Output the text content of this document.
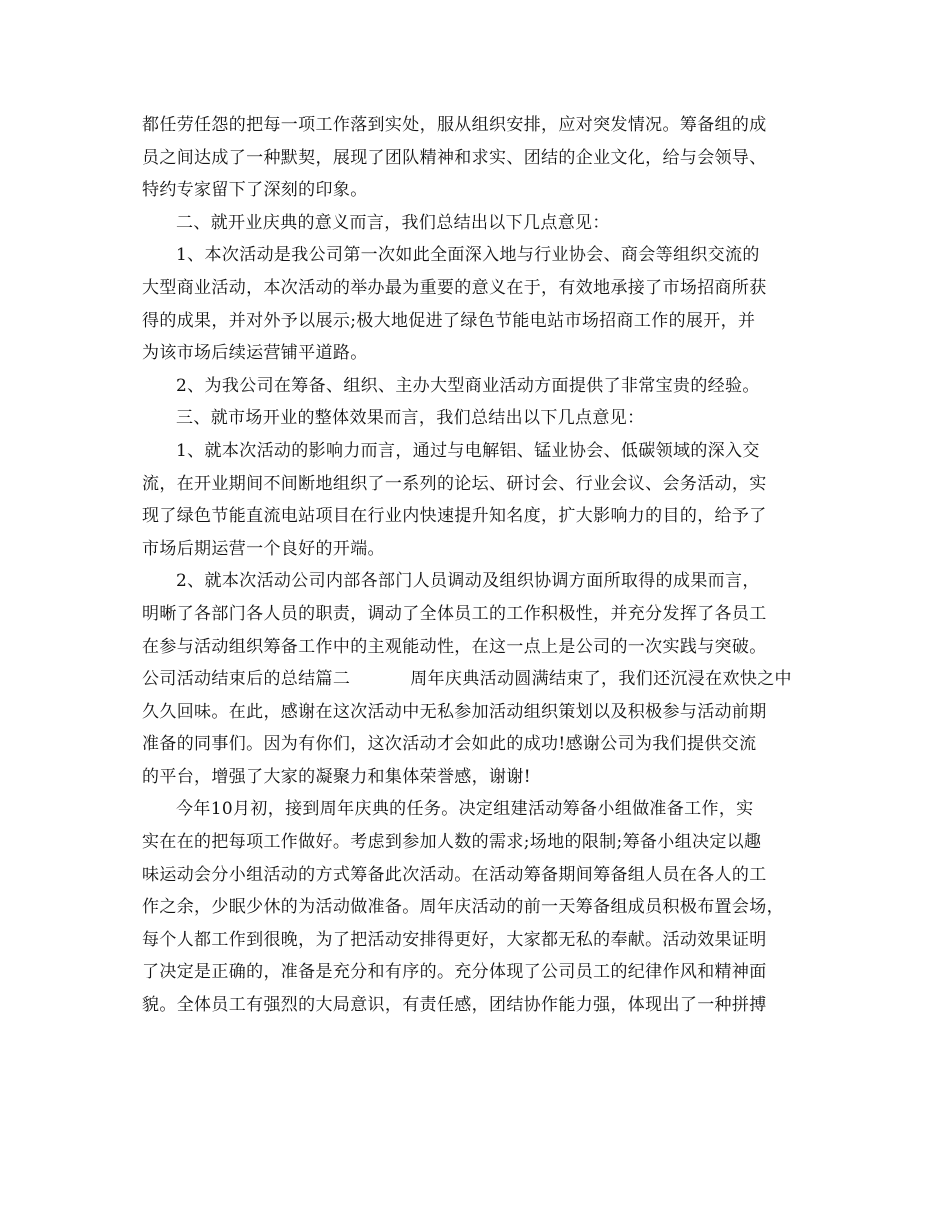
都任劳任怨的把每一项工作落到实处，服从组织安排，应对突发情况。筹备组的成
员之间达成了一种默契，展现了团队精神和求实、团结的企业文化，给与会领导、
特约专家留下了深刻的印象。
二、就开业庆典的意义而言，我们总结出以下几点意见：
1、本次活动是我公司第一次如此全面深入地与行业协会、商会等组织交流的
大型商业活动，本次活动的举办最为重要的意义在于，有效地承接了市场招商所获
得的成果，并对外予以展示;极大地促进了绿色节能电站市场招商工作的展开，并
为该市场后续运营铺平道路。
2、为我公司在筹备、组织、主办大型商业活动方面提供了非常宝贵的经验。
三、就市场开业的整体效果而言，我们总结出以下几点意见：
1、就本次活动的影响力而言，通过与电解铝、锰业协会、低碳领域的深入交
流，在开业期间不间断地组织了一系列的论坛、研讨会、行业会议、会务活动，实
现了绿色节能直流电站项目在行业内快速提升知名度，扩大影响力的目的，给予了
市场后期运营一个良好的开端。
2、就本次活动公司内部各部门人员调动及组织协调方面所取得的成果而言，
明晰了各部门各人员的职责，调动了全体员工的工作积极性，并充分发挥了各员工
在参与活动组织筹备工作中的主观能动性，在这一点上是公司的一次实践与突破。
公司活动结束后的总结篇二	周年庆典活动圆满结束了，我们还沉浸在欢快之中
久久回味。在此，感谢在这次活动中无私参加活动组织策划以及积极参与活动前期
准备的同事们。因为有你们，这次活动才会如此的成功!感谢公司为我们提供交流
的平台，增强了大家的凝聚力和集体荣誉感，谢谢!
今年10月初，接到周年庆典的任务。决定组建活动筹备小组做准备工作，实
实在在的把每项工作做好。考虑到参加人数的需求;场地的限制;筹备小组决定以趣
味运动会分小组活动的方式筹备此次活动。在活动筹备期间筹备组人员在各人的工
作之余，少眠少休的为活动做准备。周年庆活动的前一天筹备组成员积极布置会场，
每个人都工作到很晚，为了把活动安排得更好，大家都无私的奉献。活动效果证明
了决定是正确的，准备是充分和有序的。充分体现了公司员工的纪律作风和精神面
貌。全体员工有强烈的大局意识，有责任感，团结协作能力强，体现出了一种拼搏
